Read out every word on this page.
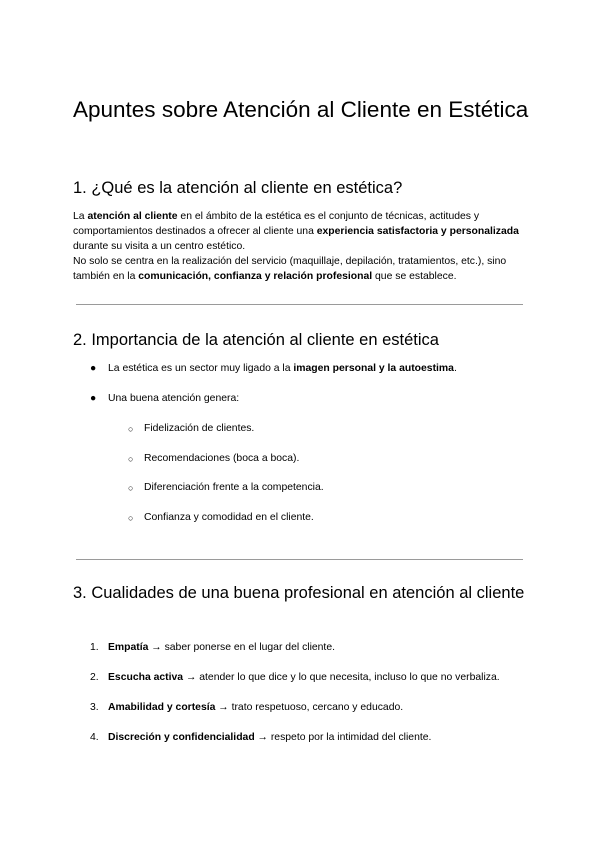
Apuntes sobre Atención al Cliente en Estética
1. ¿Qué es la atención al cliente en estética?
La atención al cliente en el ámbito de la estética es el conjunto de técnicas, actitudes y comportamientos destinados a ofrecer al cliente una experiencia satisfactoria y personalizada durante su visita a un centro estético.
No solo se centra en la realización del servicio (maquillaje, depilación, tratamientos, etc.), sino también en la comunicación, confianza y relación profesional que se establece.
2. Importancia de la atención al cliente en estética
● La estética es un sector muy ligado a la imagen personal y la autoestima.
● Una buena atención genera:
○ Fidelización de clientes.
○ Recomendaciones (boca a boca).
○ Diferenciación frente a la competencia.
○ Confianza y comodidad en el cliente.
3. Cualidades de una buena profesional en atención al cliente
1. Empatía → saber ponerse en el lugar del cliente.
2. Escucha activa → atender lo que dice y lo que necesita, incluso lo que no verbaliza.
3. Amabilidad y cortesía → trato respetuoso, cercano y educado.
4. Discreción y confidencialidad → respeto por la intimidad del cliente.
